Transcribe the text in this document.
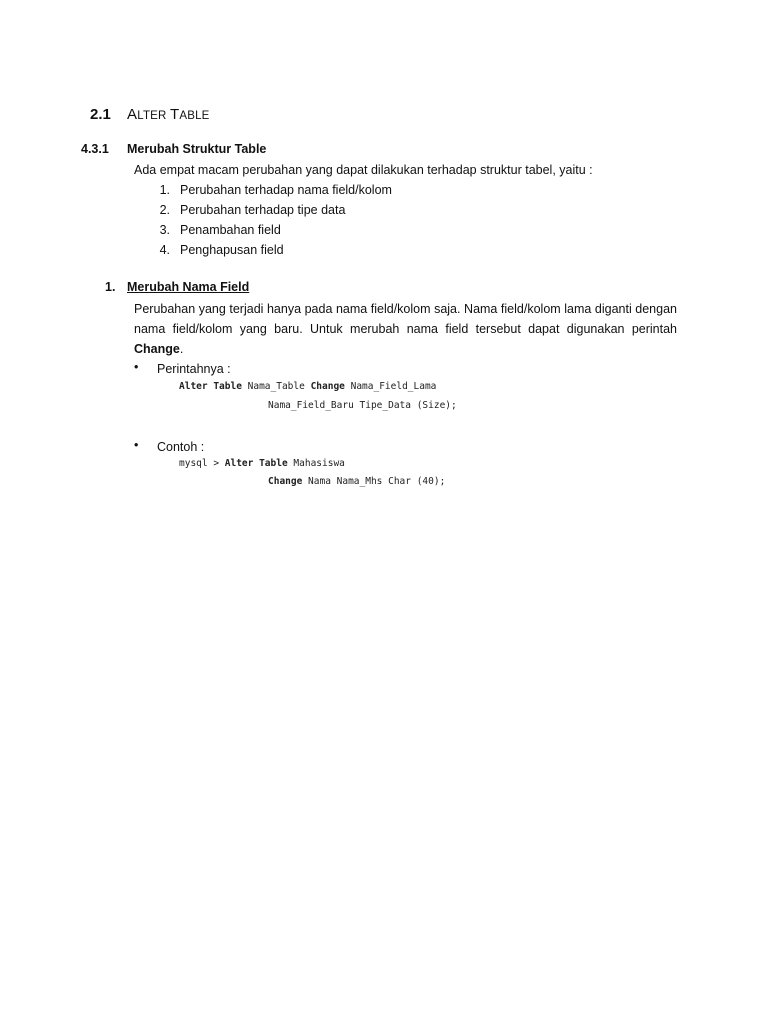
2.1 ALTER TABLE
4.3.1 Merubah Struktur Table
Ada empat macam perubahan yang dapat dilakukan terhadap struktur tabel, yaitu :
1. Perubahan terhadap nama field/kolom
2. Perubahan terhadap tipe data
3. Penambahan field
4. Penghapusan field
1. Merubah Nama Field
Perubahan yang terjadi hanya pada nama field/kolom saja. Nama field/kolom lama diganti dengan nama field/kolom yang baru. Untuk merubah nama field tersebut dapat digunakan perintah Change.
• Perintahnya :
Alter Table Nama_Table Change Nama_Field_Lama
Nama_Field_Baru Tipe_Data (Size);
• Contoh :
mysql > Alter Table Mahasiswa
Change Nama Nama_Mhs Char (40);
